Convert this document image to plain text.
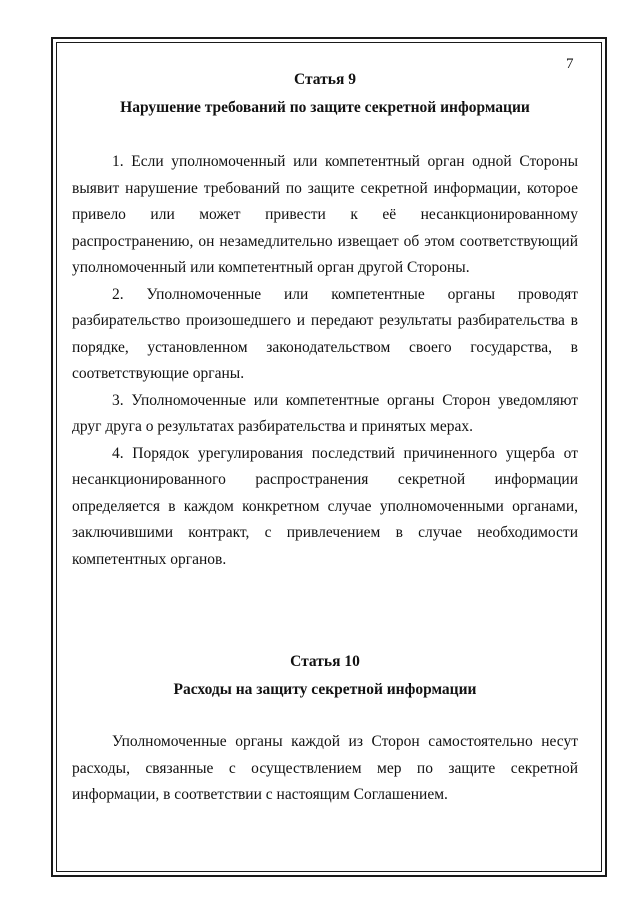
7
Статья 9
Нарушение требований по защите секретной информации

1. Если уполномоченный или компетентный орган одной Стороны выявит нарушение требований по защите секретной информации, которое привело или может привести к её несанкционированному распространению, он незамедлительно извещает об этом соответствующий уполномоченный или компетентный орган другой Стороны.

2. Уполномоченные или компетентные органы проводят разбирательство произошедшего и передают результаты разбирательства в порядке, установленном законодательством своего государства, в соответствующие органы.

3. Уполномоченные или компетентные органы Сторон уведомляют друг друга о результатах разбирательства и принятых мерах.

4. Порядок урегулирования последствий причиненного ущерба от несанкционированного распространения секретной информации определяется в каждом конкретном случае уполномоченными органами, заключившими контракт, с привлечением в случае необходимости компетентных органов.

Статья 10
Расходы на защиту секретной информации

Уполномоченные органы каждой из Сторон самостоятельно несут расходы, связанные с осуществлением мер по защите секретной информации, в соответствии с настоящим Соглашением.
